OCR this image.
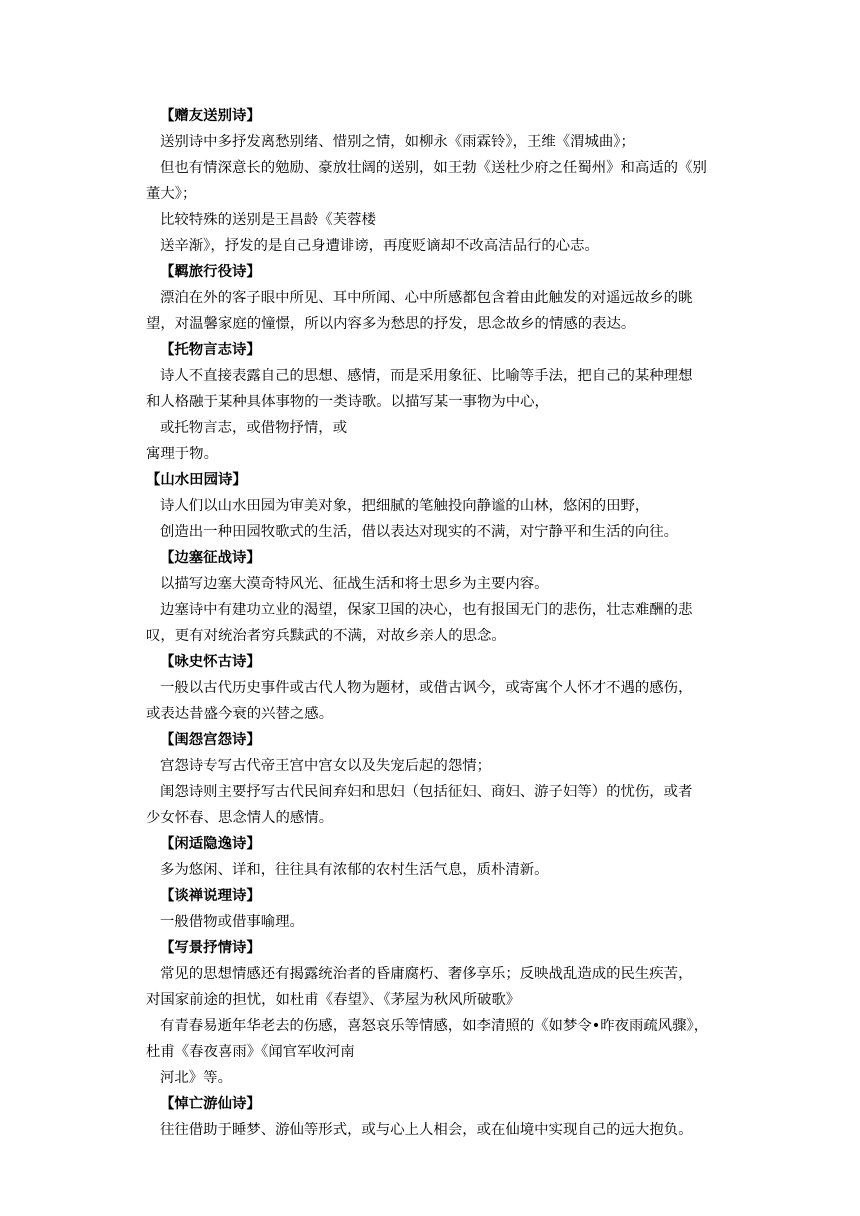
【赠友送别诗】
送别诗中多抒发离愁别绪、惜别之情，如柳永《雨霖铃》，王维《渭城曲》；
但也有情深意长的勉励、豪放壮阔的送别，如王勃《送杜少府之任蜀州》和高适的《别
董大》；
比较特殊的送别是王昌龄《芙蓉楼
送辛渐》，抒发的是自己身遭诽谤，再度贬谪却不改高洁品行的心志。
【羁旅行役诗】
漂泊在外的客子眼中所见、耳中所闻、心中所感都包含着由此触发的对遥远故乡的眺
望，对温馨家庭的憧憬，所以内容多为愁思的抒发，思念故乡的情感的表达。
【托物言志诗】
诗人不直接表露自己的思想、感情，而是采用象征、比喻等手法，把自己的某种理想
和人格融于某种具体事物的一类诗歌。以描写某一事物为中心，
或托物言志，或借物抒情，或
寓理于物。
【山水田园诗】
诗人们以山水田园为审美对象，把细腻的笔触投向静谧的山林，悠闲的田野，
创造出一种田园牧歌式的生活，借以表达对现实的不满，对宁静平和生活的向往。
【边塞征战诗】
以描写边塞大漠奇特风光、征战生活和将士思乡为主要内容。
边塞诗中有建功立业的渴望，保家卫国的决心，也有报国无门的悲伤，壮志难酬的悲
叹，更有对统治者穷兵黩武的不满，对故乡亲人的思念。
【咏史怀古诗】
一般以古代历史事件或古代人物为题材，或借古讽今，或寄寓个人怀才不遇的感伤，
或表达昔盛今衰的兴替之感。
【闺怨宫怨诗】
宫怨诗专写古代帝王宫中宫女以及失宠后起的怨情；
闺怨诗则主要抒写古代民间弃妇和思妇（包括征妇、商妇、游子妇等）的忧伤，或者
少女怀春、思念情人的感情。
【闲适隐逸诗】
多为悠闲、详和，往往具有浓郁的农村生活气息，质朴清新。
【谈禅说理诗】
一般借物或借事喻理。
【写景抒情诗】
常见的思想情感还有揭露统治者的昏庸腐朽、奢侈享乐；反映战乱造成的民生疾苦，
对国家前途的担忧，如杜甫《春望》、《茅屋为秋风所破歌》
有青春易逝年华老去的伤感，喜怒哀乐等情感，如李清照的《如梦令•昨夜雨疏风骤》，
杜甫《春夜喜雨》《闻官军收河南
河北》等。
【悼亡游仙诗】
往往借助于睡梦、游仙等形式，或与心上人相会，或在仙境中实现自己的远大抱负。
